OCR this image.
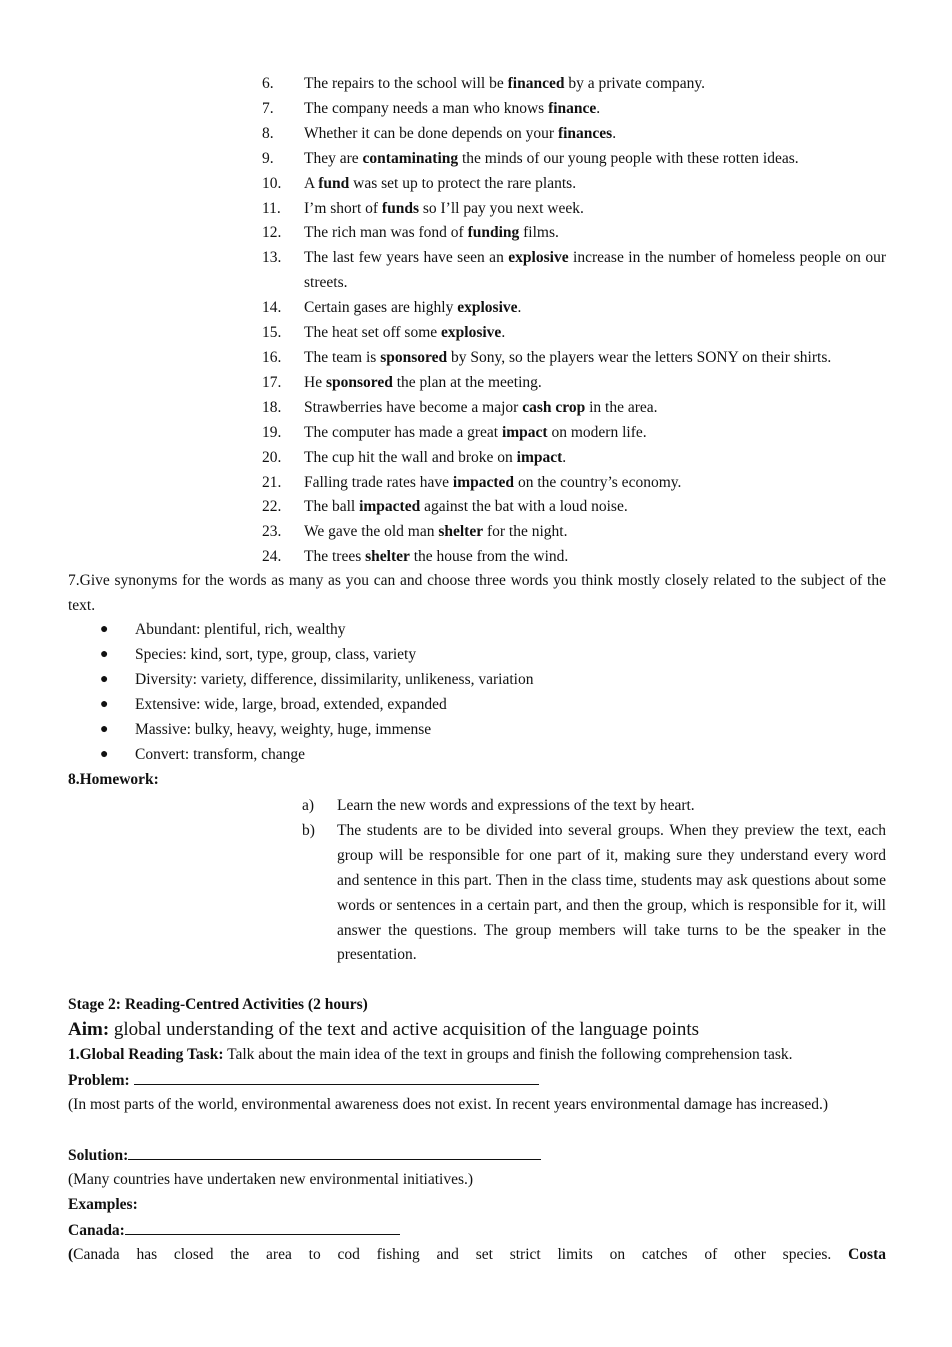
6.	The repairs to the school will be financed by a private company.
7.	The company needs a man who knows finance.
8.	Whether it can be done depends on your finances.
9.	They are contaminating the minds of our young people with these rotten ideas.
10.	A fund was set up to protect the rare plants.
11.	I’m short of funds so I’ll pay you next week.
12.	The rich man was fond of funding films.
13.	The last few years have seen an explosive increase in the number of homeless people on our streets.
14.	Certain gases are highly explosive.
15.	The heat set off some explosive.
16.	The team is sponsored by Sony, so the players wear the letters SONY on their shirts.
17.	He sponsored the plan at the meeting.
18.	Strawberries have become a major cash crop in the area.
19.	The computer has made a great impact on modern life.
20.	The cup hit the wall and broke on impact.
21.	Falling trade rates have impacted on the country’s economy.
22.	The ball impacted against the bat with a loud noise.
23.	We gave the old man shelter for the night.
24.	The trees shelter the house from the wind.
7.Give synonyms for the words as many as you can and choose three words you think mostly closely related to the subject of the text.
●	Abundant: plentiful, rich, wealthy
●	Species: kind, sort, type, group, class, variety
●	Diversity: variety, difference, dissimilarity, unlikeness, variation
●	Extensive: wide, large, broad, extended, expanded
●	Massive: bulky, heavy, weighty, huge, immense
●	Convert: transform, change
8.Homework:
a)	Learn the new words and expressions of the text by heart.
b)	The students are to be divided into several groups. When they preview the text, each group will be responsible for one part of it, making sure they understand every word and sentence in this part. Then in the class time, students may ask questions about some words or sentences in a certain part, and then the group, which is responsible for it, will answer the questions. The group members will take turns to be the speaker in the presentation.
Stage 2: Reading-Centred Activities (2 hours)
Aim: global understanding of the text and active acquisition of the language points
1.Global Reading Task: Talk about the main idea of the text in groups and finish the following comprehension task.
Problem:
(In most parts of the world, environmental awareness does not exist. In recent years environmental damage has increased.)
Solution:
(Many countries have undertaken new environmental initiatives.)
Examples:
Canada:
(Canada has closed the area to cod fishing and set strict limits on catches of other species. Costa
